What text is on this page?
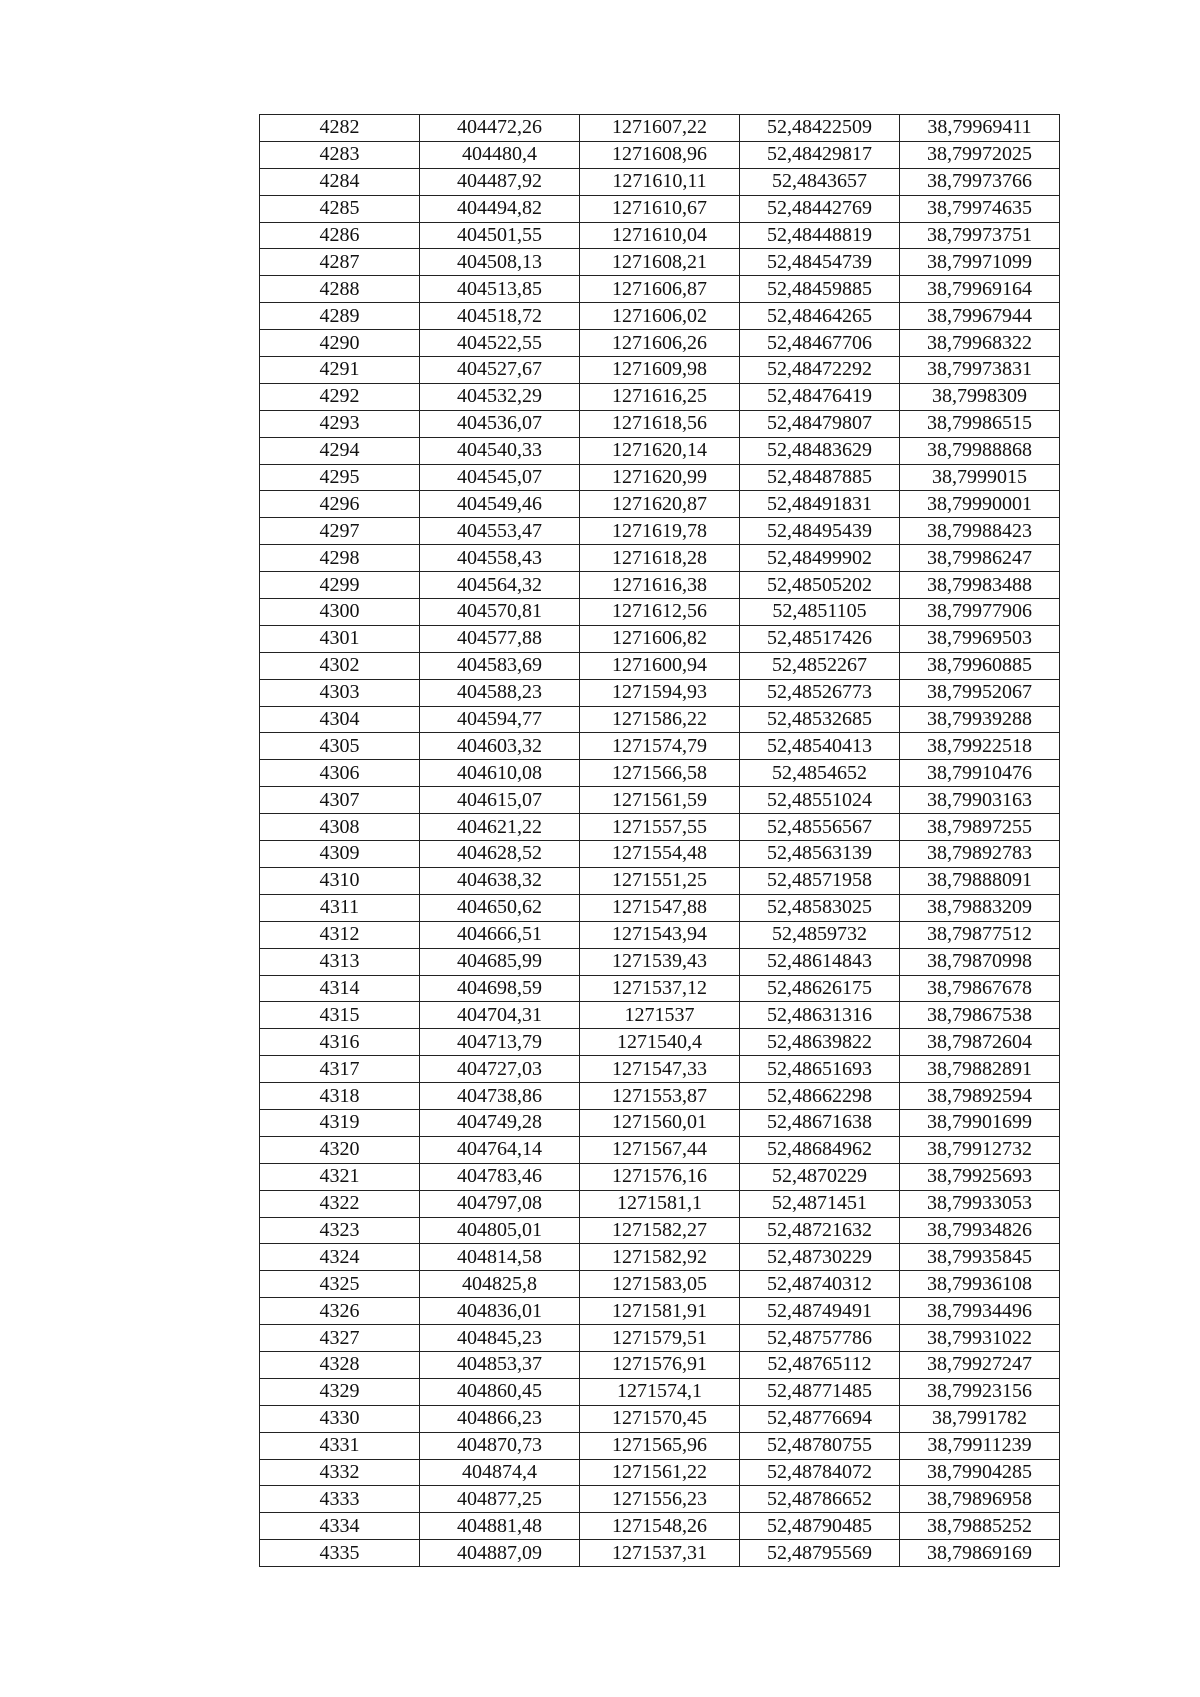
4282	404472,26	1271607,22	52,48422509	38,79969411
4283	404480,4	1271608,96	52,48429817	38,79972025
4284	404487,92	1271610,11	52,4843657	38,79973766
4285	404494,82	1271610,67	52,48442769	38,79974635
4286	404501,55	1271610,04	52,48448819	38,79973751
4287	404508,13	1271608,21	52,48454739	38,79971099
4288	404513,85	1271606,87	52,48459885	38,79969164
4289	404518,72	1271606,02	52,48464265	38,79967944
4290	404522,55	1271606,26	52,48467706	38,79968322
4291	404527,67	1271609,98	52,48472292	38,79973831
4292	404532,29	1271616,25	52,48476419	38,7998309
4293	404536,07	1271618,56	52,48479807	38,79986515
4294	404540,33	1271620,14	52,48483629	38,79988868
4295	404545,07	1271620,99	52,48487885	38,7999015
4296	404549,46	1271620,87	52,48491831	38,79990001
4297	404553,47	1271619,78	52,48495439	38,79988423
4298	404558,43	1271618,28	52,48499902	38,79986247
4299	404564,32	1271616,38	52,48505202	38,79983488
4300	404570,81	1271612,56	52,4851105	38,79977906
4301	404577,88	1271606,82	52,48517426	38,79969503
4302	404583,69	1271600,94	52,4852267	38,79960885
4303	404588,23	1271594,93	52,48526773	38,79952067
4304	404594,77	1271586,22	52,48532685	38,79939288
4305	404603,32	1271574,79	52,48540413	38,79922518
4306	404610,08	1271566,58	52,4854652	38,79910476
4307	404615,07	1271561,59	52,48551024	38,79903163
4308	404621,22	1271557,55	52,48556567	38,79897255
4309	404628,52	1271554,48	52,48563139	38,79892783
4310	404638,32	1271551,25	52,48571958	38,79888091
4311	404650,62	1271547,88	52,48583025	38,79883209
4312	404666,51	1271543,94	52,4859732	38,79877512
4313	404685,99	1271539,43	52,48614843	38,79870998
4314	404698,59	1271537,12	52,48626175	38,79867678
4315	404704,31	1271537	52,48631316	38,79867538
4316	404713,79	1271540,4	52,48639822	38,79872604
4317	404727,03	1271547,33	52,48651693	38,79882891
4318	404738,86	1271553,87	52,48662298	38,79892594
4319	404749,28	1271560,01	52,48671638	38,79901699
4320	404764,14	1271567,44	52,48684962	38,79912732
4321	404783,46	1271576,16	52,4870229	38,79925693
4322	404797,08	1271581,1	52,4871451	38,79933053
4323	404805,01	1271582,27	52,48721632	38,79934826
4324	404814,58	1271582,92	52,48730229	38,79935845
4325	404825,8	1271583,05	52,48740312	38,79936108
4326	404836,01	1271581,91	52,48749491	38,79934496
4327	404845,23	1271579,51	52,48757786	38,79931022
4328	404853,37	1271576,91	52,48765112	38,79927247
4329	404860,45	1271574,1	52,48771485	38,79923156
4330	404866,23	1271570,45	52,48776694	38,7991782
4331	404870,73	1271565,96	52,48780755	38,79911239
4332	404874,4	1271561,22	52,48784072	38,79904285
4333	404877,25	1271556,23	52,48786652	38,79896958
4334	404881,48	1271548,26	52,48790485	38,79885252
4335	404887,09	1271537,31	52,48795569	38,79869169
